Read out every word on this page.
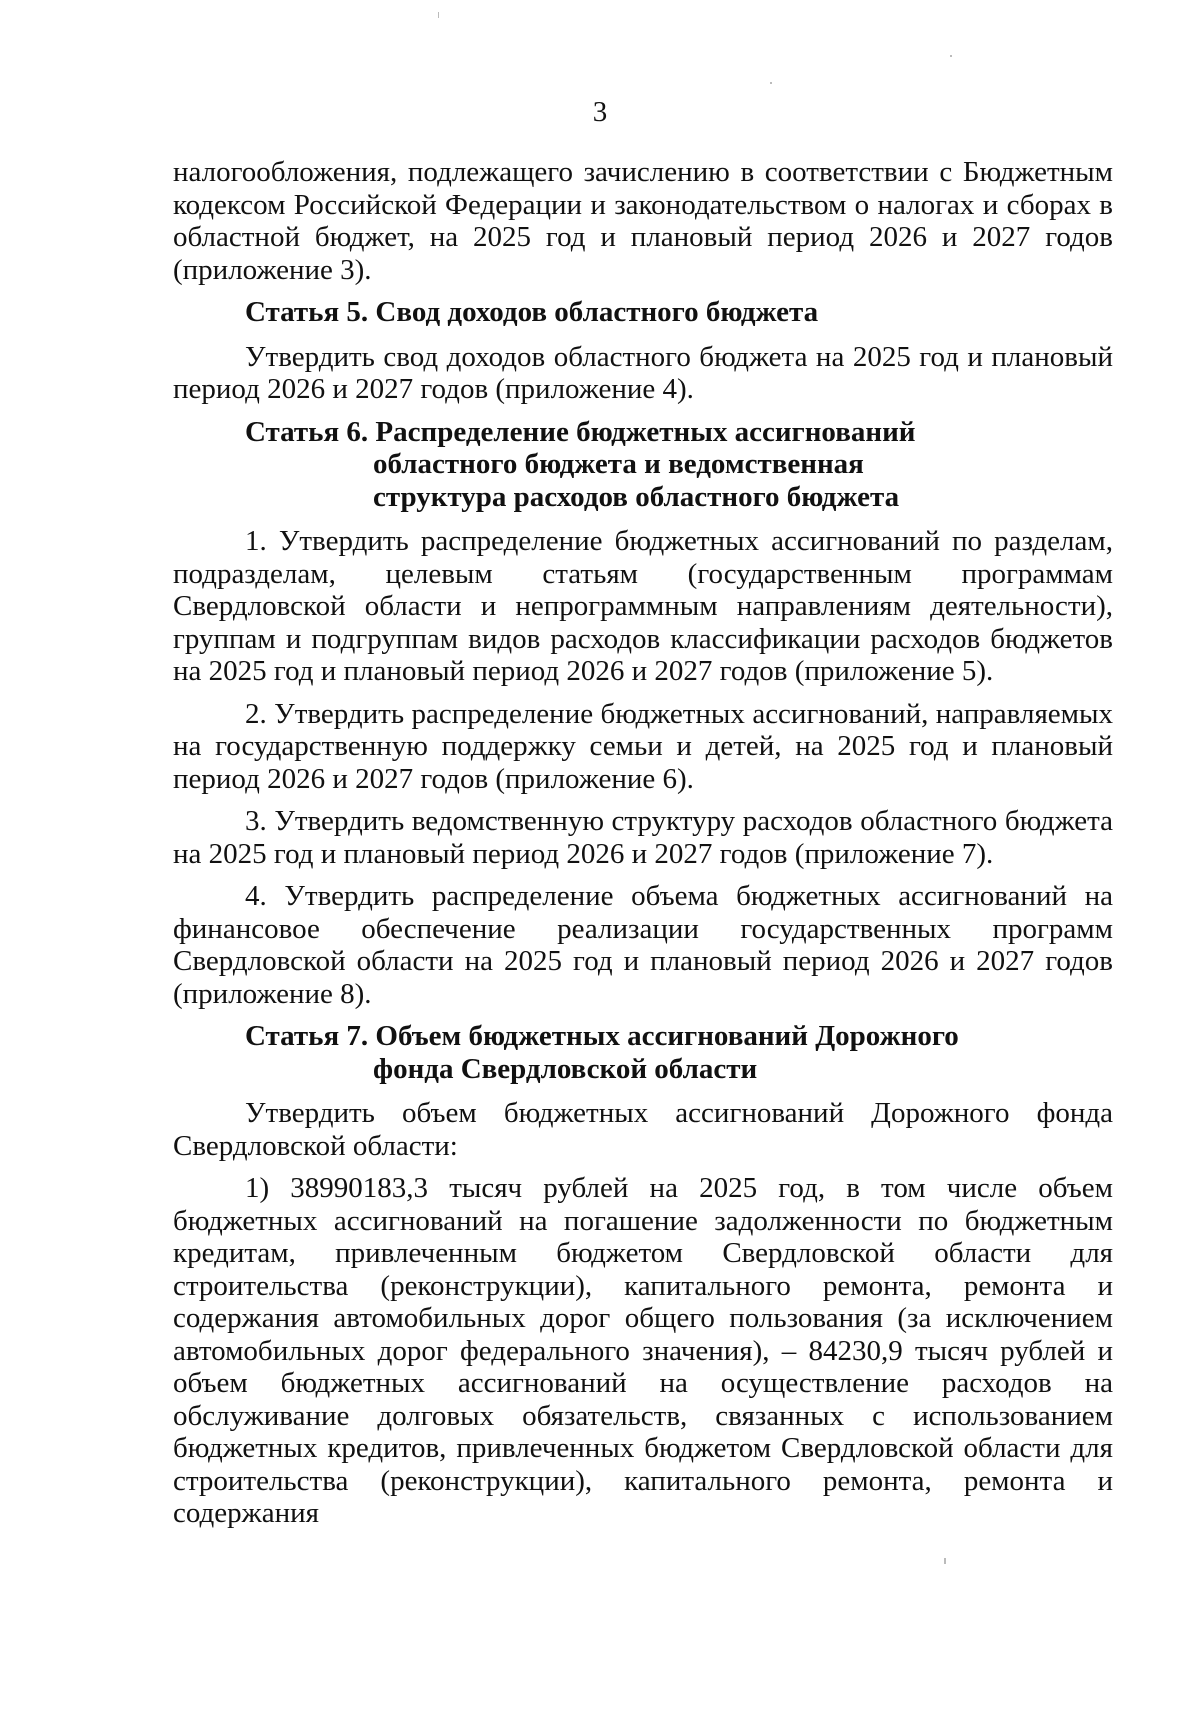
3

налогообложения, подлежащего зачислению в соответствии с Бюджетным кодексом Российской Федерации и законодательством о налогах и сборах в областной бюджет, на 2025 год и плановый период 2026 и 2027 годов (приложение 3).

Статья 5. Свод доходов областного бюджета

Утвердить свод доходов областного бюджета на 2025 год и плановый период 2026 и 2027 годов (приложение 4).

Статья 6. Распределение бюджетных ассигнований
областного бюджета и ведомственная
структура расходов областного бюджета

1. Утвердить распределение бюджетных ассигнований по разделам, подразделам, целевым статьям (государственным программам Свердловской области и непрограммным направлениям деятельности), группам и подгруппам видов расходов классификации расходов бюджетов на 2025 год и плановый период 2026 и 2027 годов (приложение 5).

2. Утвердить распределение бюджетных ассигнований, направляемых на государственную поддержку семьи и детей, на 2025 год и плановый период 2026 и 2027 годов (приложение 6).

3. Утвердить ведомственную структуру расходов областного бюджета на 2025 год и плановый период 2026 и 2027 годов (приложение 7).

4. Утвердить распределение объема бюджетных ассигнований на финансовое обеспечение реализации государственных программ Свердловской области на 2025 год и плановый период 2026 и 2027 годов (приложение 8).

Статья 7. Объем бюджетных ассигнований Дорожного
фонда Свердловской области

Утвердить объем бюджетных ассигнований Дорожного фонда Свердловской области:

1) 38990183,3 тысяч рублей на 2025 год, в том числе объем бюджетных ассигнований на погашение задолженности по бюджетным кредитам, привлеченным бюджетом Свердловской области для строительства (реконструкции), капитального ремонта, ремонта и содержания автомобильных дорог общего пользования (за исключением автомобильных дорог федерального значения), – 84230,9 тысяч рублей и объем бюджетных ассигнований на осуществление расходов на обслуживание долговых обязательств, связанных с использованием бюджетных кредитов, привлеченных бюджетом Свердловской области для строительства (реконструкции), капитального ремонта, ремонта и содержания
